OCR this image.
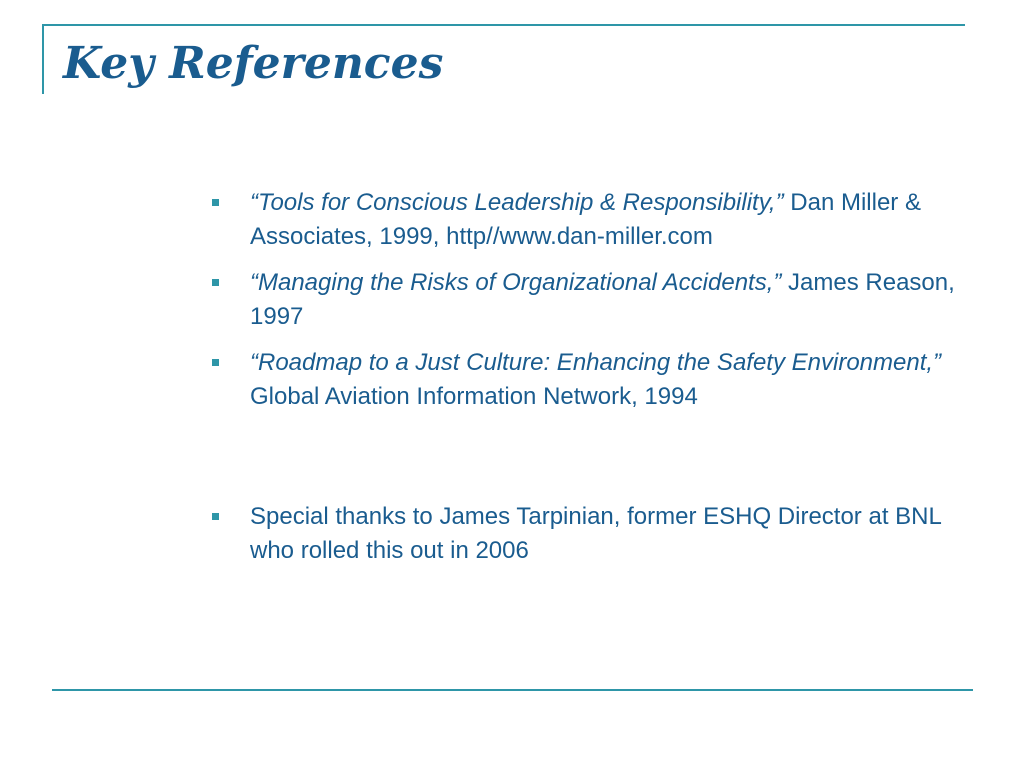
Key References
“Tools for Conscious Leadership & Responsibility,” Dan Miller & Associates, 1999, http//www.dan-miller.com
“Managing the Risks of Organizational Accidents,” James Reason, 1997
“Roadmap to a Just Culture: Enhancing the Safety Environment,” Global Aviation Information Network, 1994
Special thanks to James Tarpinian, former ESHQ Director at BNL who rolled this out in 2006
